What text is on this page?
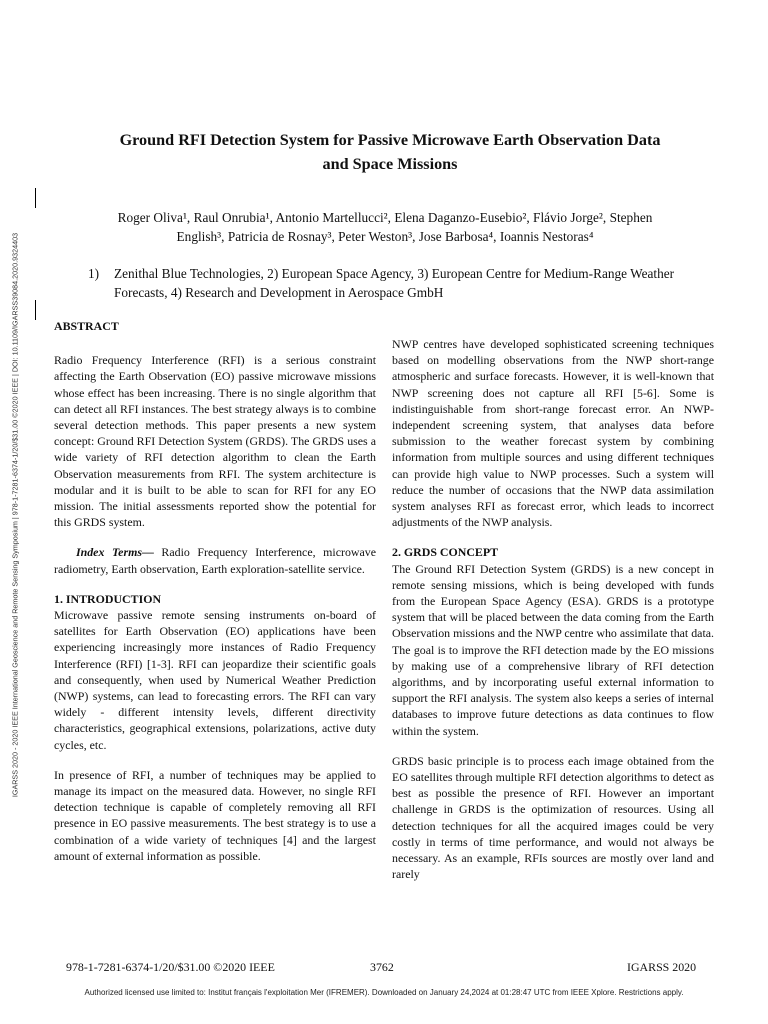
IGARSS 2020 - 2020 IEEE International Geoscience and Remote Sensing Symposium | 978-1-7281-6374-1/20/$31.00 ©2020 IEEE | DOI: 10.1109/IGARSS39084.2020.9324403
Ground RFI Detection System for Passive Microwave Earth Observation Data
and Space Missions
Roger Oliva¹, Raul Onrubia¹, Antonio Martellucci², Elena Daganzo-Eusebio², Flávio Jorge², Stephen
English³, Patricia de Rosnay³, Peter Weston³, Jose Barbosa⁴, Ioannis Nestoras⁴
1) Zenithal Blue Technologies, 2) European Space Agency, 3) European Centre for Medium-Range Weather Forecasts, 4) Research and Development in Aerospace GmbH
ABSTRACT

Radio Frequency Interference (RFI) is a serious constraint affecting the Earth Observation (EO) passive microwave missions whose effect has been increasing. There is no single algorithm that can detect all RFI instances. The best strategy always is to combine several detection methods. This paper presents a new system concept: Ground RFI Detection System (GRDS). The GRDS uses a wide variety of RFI detection algorithm to clean the Earth Observation measurements from RFI. The system architecture is modular and it is built to be able to scan for RFI for any EO mission. The initial assessments reported show the potential for this GRDS system.

Index Terms— Radio Frequency Interference, microwave radiometry, Earth observation, Earth exploration-satellite service.

1. INTRODUCTION

Microwave passive remote sensing instruments on-board of satellites for Earth Observation (EO) applications have been experiencing increasingly more instances of Radio Frequency Interference (RFI) [1-3]. RFI can jeopardize their scientific goals and consequently, when used by Numerical Weather Prediction (NWP) systems, can lead to forecasting errors. The RFI can vary widely - different intensity levels, different directivity characteristics, geographical extensions, polarizations, active duty cycles, etc.

In presence of RFI, a number of techniques may be applied to manage its impact on the measured data. However, no single RFI detection technique is capable of completely removing all RFI presence in EO passive measurements. The best strategy is to use a combination of a wide variety of techniques [4] and the largest amount of external information as possible.

NWP centres have developed sophisticated screening techniques based on modelling observations from the NWP short-range atmospheric and surface forecasts. However, it is well-known that NWP screening does not capture all RFI [5-6]. Some is indistinguishable from short-range forecast error. An NWP-independent screening system, that analyses data before submission to the weather forecast system by combining information from multiple sources and using different techniques can provide high value to NWP processes. Such a system will reduce the number of occasions that the NWP data assimilation system analyses RFI as forecast error, which leads to incorrect adjustments of the NWP analysis.

2. GRDS CONCEPT

The Ground RFI Detection System (GRDS) is a new concept in remote sensing missions, which is being developed with funds from the European Space Agency (ESA). GRDS is a prototype system that will be placed between the data coming from the Earth Observation missions and the NWP centre who assimilate that data. The goal is to improve the RFI detection made by the EO missions by making use of a comprehensive library of RFI detection algorithms, and by incorporating useful external information to support the RFI analysis. The system also keeps a series of internal databases to improve future detections as data continues to flow within the system.

GRDS basic principle is to process each image obtained from the EO satellites through multiple RFI detection algorithms to detect as best as possible the presence of RFI. However an important challenge in GRDS is the optimization of resources. Using all detection techniques for all the acquired images could be very costly in terms of time performance, and would not always be necessary. As an example, RFIs sources are mostly over land and rarely

978-1-7281-6374-1/20/$31.00 ©2020 IEEE	3762	IGARSS 2020
Authorized licensed use limited to: Institut français l'exploitation Mer (IFREMER). Downloaded on January 24,2024 at 01:28:47 UTC from IEEE Xplore. Restrictions apply.
